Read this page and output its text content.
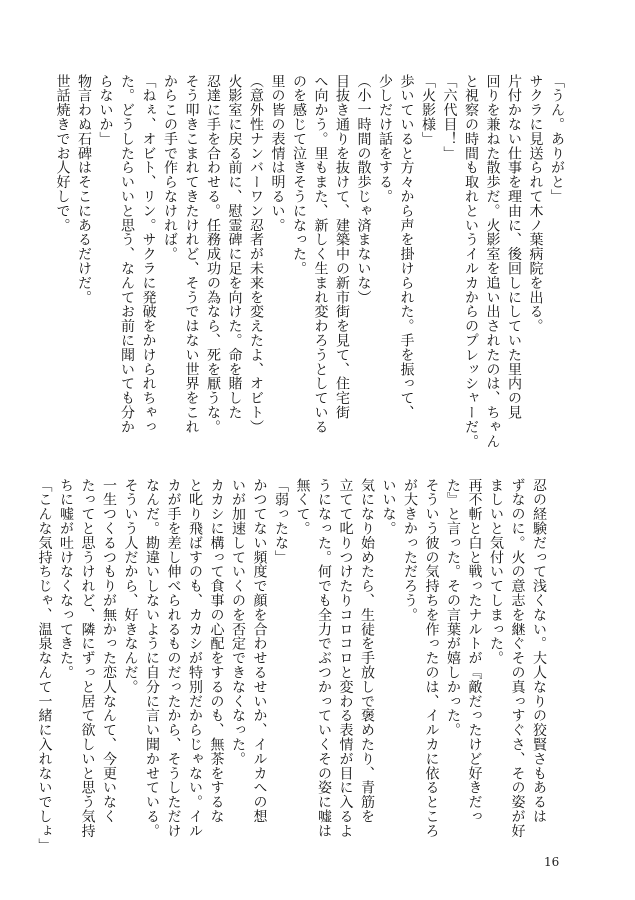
「うん。ありがと」

サクラに見送られて木ノ葉病院を出る。

片付かない仕事を理由に、後回しにしていた里内の見

回りを兼ねた散歩だ。火影室を追い出されたのは、ちゃん

と視察の時間も取れというイルカからのプレッシャーだ。

「六代目！」

「火影様」

歩いていると方々から声を掛けられた。手を振って、

少しだけ話をする。

（小一時間の散歩じゃ済まないな）

目抜き通りを抜けて、建築中の新市街を見て、住宅街

へ向かう。里もまた、新しく生まれ変わろうとしている

のを感じて泣きそうになった。

里の皆の表情は明るい。

（意外性ナンバーワン忍者が未来を変えたよ、オビト）

火影室に戻る前に、慰霊碑に足を向けた。命を賭した

忍達に手を合わせる。任務成功の為なら、死を厭うな。

そう叩きこまれてきたけれど、そうではない世界をこれ

からこの手で作らなければ。

「ねぇ、オビト、リン。サクラに発破をかけられちゃっ

た。どうしたらいいと思う、なんてお前に聞いても分か

らないか」

物言わぬ石碑はそこにあるだけだ。

世話焼きでお人好しで。

忍の経験だって浅くない。大人なりの狡賢さもあるは

ずなのに。火の意志を継ぐその真っすぐさ、その姿が好

ましいと気付いてしまった。

再不斬と白と戦ったナルトが『敵だったけど好きだっ

た』と言った。その言葉が嬉しかった。

そういう彼の気持ちを作ったのは、イルカに依るところ

が大きかっただろう。

いいな。

気になり始めたら、生徒を手放しで褒めたり、青筋を

立てて叱りつけたりコロコロと変わる表情が目に入るよ

うになった。何でも全力でぶつかっていくその姿に嘘は

無くて。

「弱ったな」

かつてない頻度で顔を合わせるせいか、イルカへの想

いが加速していくのを否定できなくなった。

カカシに構って食事の心配をするのも、無茶をするな

と叱り飛ばすのも、カカシが特別だからじゃない。イル

カが手を差し伸べられるものだったから、そうしただけ

なんだ。勘違いしないように自分に言い聞かせている。

そういう人だから、好きなんだ。

一生つくるつもりが無かった恋人なんて、今更いなく

たってと思うけれど、隣にずっと居て欲しいと思う気持

ちに嘘が吐けなくなってきた。

「こんな気持ちじゃ、温泉なんて一緒に入れないでしょ」

16
